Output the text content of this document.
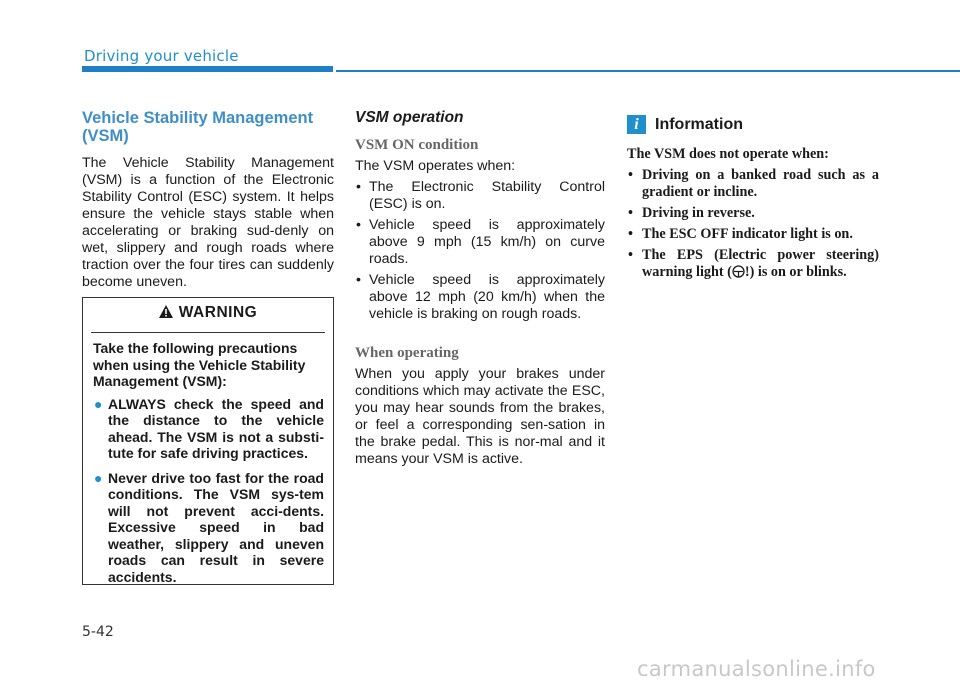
Driving your vehicle
Vehicle Stability Management (VSM)

The Vehicle Stability Management (VSM) is a function of the Electronic Stability Control (ESC) system. It helps ensure the vehicle stays stable when accelerating or braking sud-denly on wet, slippery and rough roads where traction over the four tires can suddenly become uneven.

WARNING

Take the following precautions when using the Vehicle Stability Management (VSM):

● ALWAYS check the speed and the distance to the vehicle ahead. The VSM is not a substi-tute for safe driving practices.
● Never drive too fast for the road conditions. The VSM sys-tem will not prevent acci-dents. Excessive speed in bad weather, slippery and uneven roads can result in severe accidents.
VSM operation
VSM ON condition

The VSM operates when:

• The Electronic Stability Control (ESC) is on.
• Vehicle speed is approximately above 9 mph (15 km/h) on curve roads.
• Vehicle speed is approximately above 12 mph (20 km/h) when the vehicle is braking on rough roads.
When operating

When you apply your brakes under conditions which may activate the ESC, you may hear sounds from the brakes, or feel a corresponding sen-sation in the brake pedal. This is nor-mal and it means your VSM is active.

i	Information

The VSM does not operate when:

• Driving on a banked road such as a gradient or incline.
• Driving in reverse.
• The ESC OFF indicator light is on.
• The EPS (Electric power steering) warning light ( !) is on or blinks.
5-42
carmanualsonline.info
